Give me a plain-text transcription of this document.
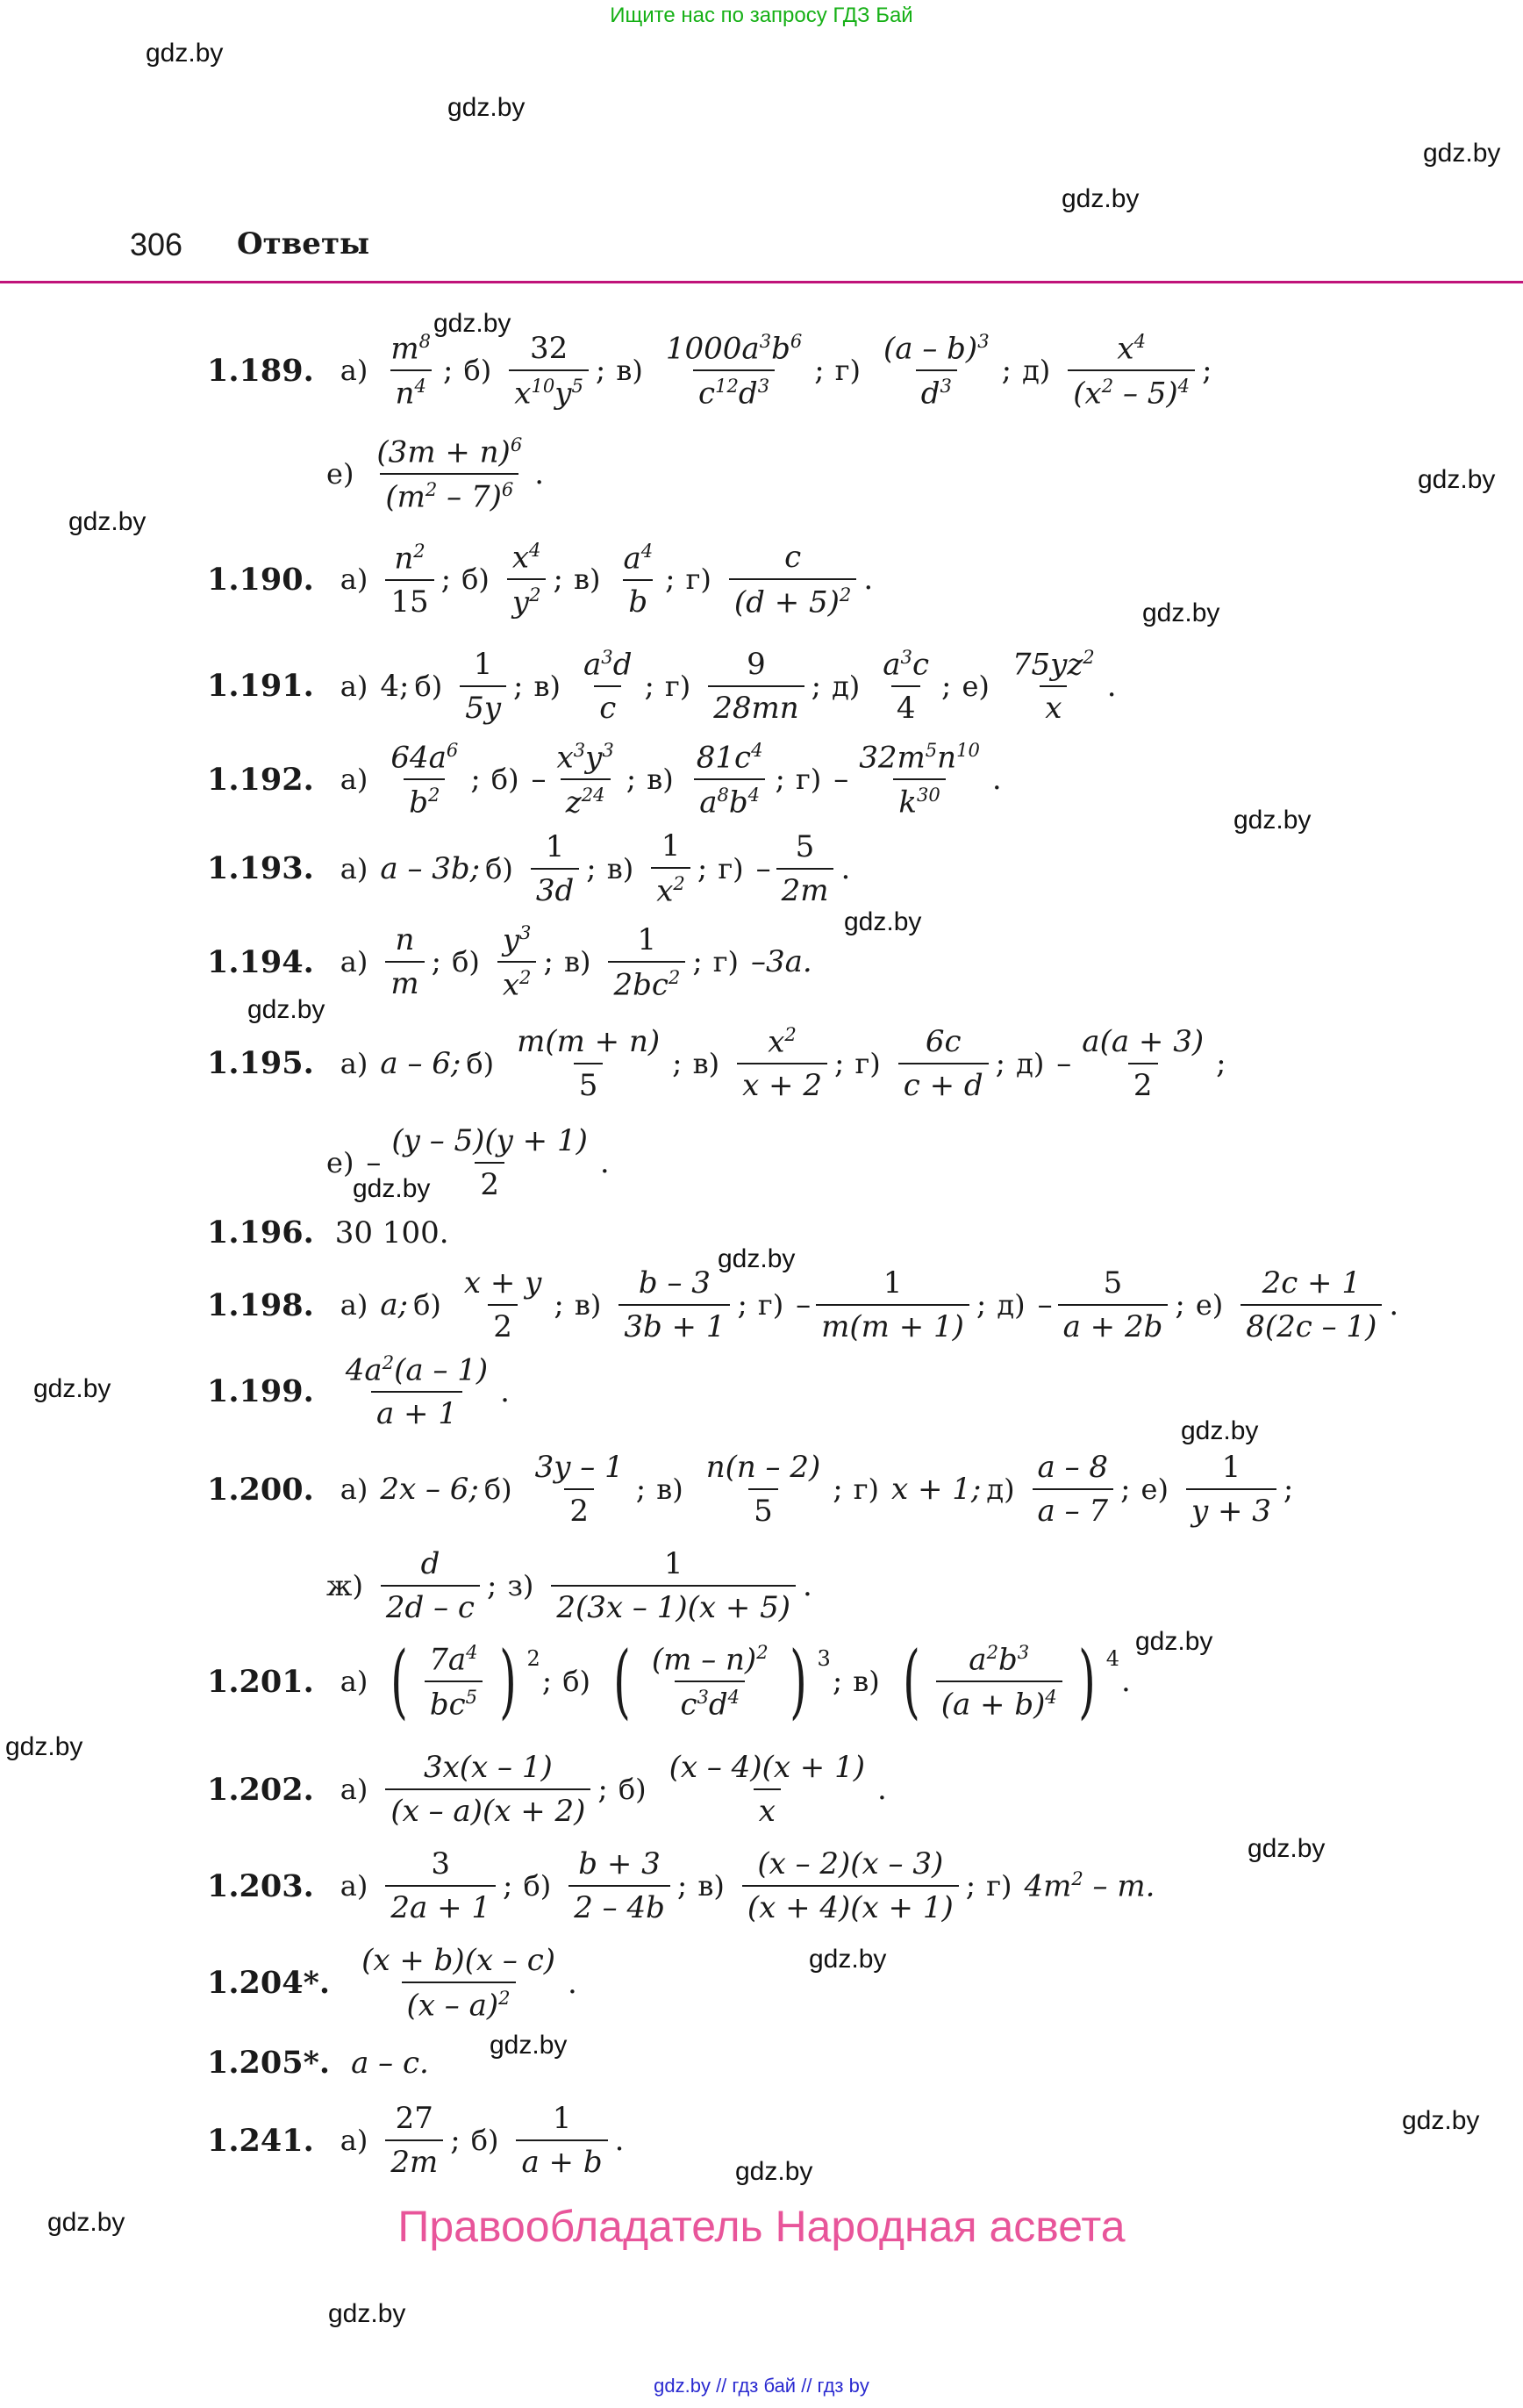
Ищите нас по запросу ГДЗ Бай
gdz.by
gdz.by
gdz.by
gdz.by
gdz.by
gdz.by
gdz.by
gdz.by
gdz.by
gdz.by
gdz.by
gdz.by
gdz.by
gdz.by
gdz.by
gdz.by
gdz.by
gdz.by
gdz.by
gdz.by
gdz.by
gdz.by
gdz.by
gdz.by
306 Ответы
1.189. $а) \frac{m^8}{n^4}$ ; $б) \frac{32}{x^{10}y^5}$ ; $в) \frac{1000a^3b^6}{c^{12}d^3}$ ; $г) \frac{(a - b)^3}{d^3}$ ; $д) \frac{x^4}{(x^2 - 5)^4}$ ;
$е) \frac{(3m + n)^6}{(m^2 - 7)^6}$ .
1.190. $а) \frac{n^2}{15}$ ; $б) \frac{x^4}{y^2}$ ; $в) \frac{a^4}{b}$ ; $г) \frac{c}{(d + 5)^2}$ .
1.191. а) 4; $б) \frac{1}{5y}$ ; $в) \frac{a^3d}{c}$ ; $г) \frac{9}{28mn}$ ; $д) \frac{a^3c}{4}$ ; $е) \frac{75yz^2}{x}$ .
1.192. $а) \frac{64a^6}{b^2}$ ; $б) - \frac{x^3y^3}{z^{24}}$ ; $в) \frac{81c^4}{a^8b^4}$ ; $г) - \frac{32m^5n^{10}}{k^{30}}$ .
1.193. а) a – 3b; $б) \frac{1}{3d}$ ; $в) \frac{1}{x^2}$ ; $г) - \frac{5}{2m}$ .
1.194. $а) \frac{n}{m}$ ; $б) \frac{y^3}{x^2}$ ; $в) \frac{1}{2bc^2}$ ; г) –3a.
1.195. а) a – 6; $б) \frac{m(m + n)}{5}$ ; $в) \frac{x^2}{x + 2}$ ; $г) \frac{6c}{c + d}$ ; $д) - \frac{a(a + 3)}{2}$ ;
$е) - \frac{(y - 5)(y + 1)}{2}$ .
1.196. 30 100.
1.198. а) a; $б) \frac{x + y}{2}$ ; $в) \frac{b - 3}{3b + 1}$ ; $г) - \frac{1}{m(m + 1)}$ ; $д) - \frac{5}{a + 2b}$ ; $е) \frac{2c + 1}{8(2c - 1)}$ .
1.199. $\frac{4a^2(a - 1)}{a + 1}$ .
1.200. а) 2x – 6; $б) \frac{3y - 1}{2}$ ; $в) \frac{n(n - 2)}{5}$ ; г) x + 1; $д) \frac{a - 8}{a - 7}$ ; $е) \frac{1}{y + 3}$ ;
$ж) \frac{d}{2d - c}$ ; $з) \frac{1}{2(3x - 1)(x + 5)}$ .
1.201. а) ( $\frac{7a^4}{bc^5}$ ) 2
; б) ( $\frac{(m - n)^2}{c^3d^4}$ ) 3
; в) ( $\frac{a^2b^3}{(a + b)^4}$ ) 4
.
1.202. $а) \frac{3x(x - 1)}{(x - a)(x + 2)}$ ; $б) \frac{(x - 4)(x + 1)}{x}$ .
1.203. $а) \frac{3}{2a + 1}$ ; $б) \frac{b + 3}{2 - 4b}$ ; $в) \frac{(x - 2)(x - 3)}{(x + 4)(x + 1)}$ ; г) $4m^2$ – m.
1.204*. $\frac{(x + b)(x - c)}{(x - a)^2}$ .
1.205*. a – c.
1.241. $а) \frac{27}{2m}$ ; $б) \frac{1}{a + b}$ .
Правообладатель Народная асвета
gdz.by // гдз бай // гдз by
